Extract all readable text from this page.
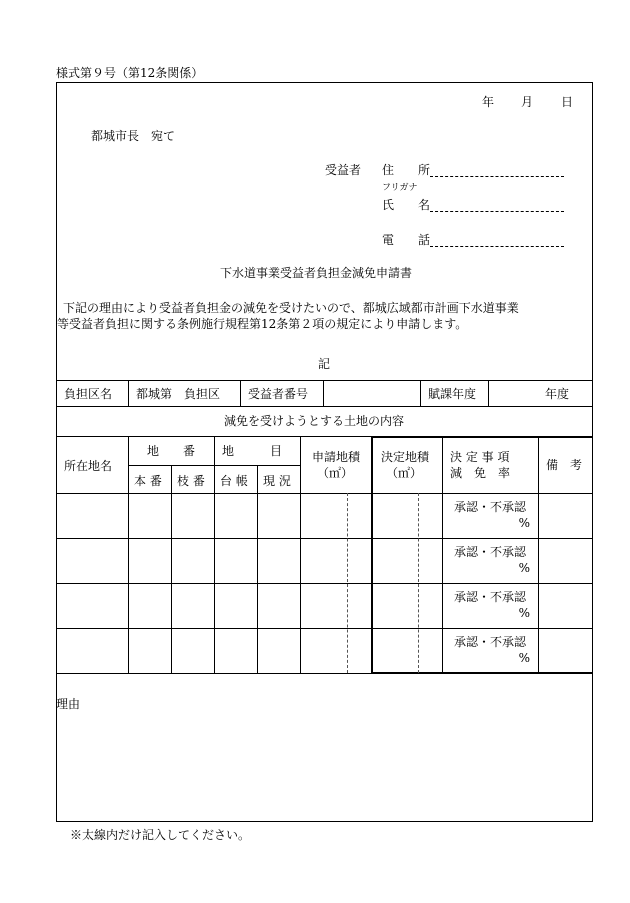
様式第９号（第12条関係）
年 月 日
都城市長　宛て
受益者 住　　所
フリガナ
氏　　名
電　　話
下水道事業受益者負担金減免申請書
下記の理由により受益者負担金の減免を受けたいので、都城広域都市計画下水道事業
等受益者負担に関する条例施行規程第12条第２項の規定により申請します。
記
負担区名 都城第　負担区 受益者番号	賦課年度	年度
減免を受けようとする土地の内容
所在地名
地　　番
本 番 枝 番
地　　　目
台 帳 現 況
申請地積
（㎡）
決定地積
（㎡）
決 定 事 項
減　免　率
備　考
承認・不承認
%
承認・不承認
%
承認・不承認
%
承認・不承認
%
理由
※太線内だけ記入してください。
